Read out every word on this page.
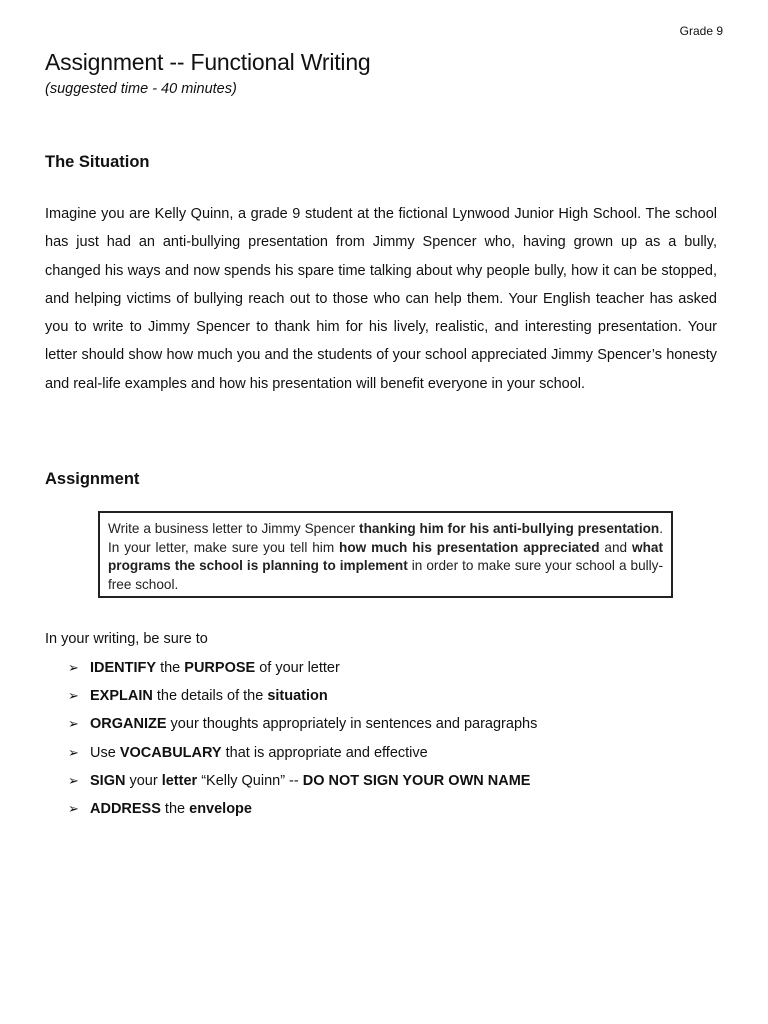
Grade 9
Assignment -- Functional Writing
(suggested time - 40 minutes)
The Situation

Imagine you are Kelly Quinn, a grade 9 student at the fictional Lynwood Junior High School. The school has just had an anti-bullying presentation from Jimmy Spencer who, having grown up as a bully, changed his ways and now spends his spare time talking about why people bully, how it can be stopped, and helping victims of bullying reach out to those who can help them. Your English teacher has asked you to write to Jimmy Spencer to thank him for his lively, realistic, and interesting presentation. Your letter should show how much you and the students of your school appreciated Jimmy Spencer’s honesty and real-life examples and how his presentation will benefit everyone in your school.

Assignment
Write a business letter to Jimmy Spencer thanking him for his anti-bullying presentation. In your letter, make sure you tell him how much his presentation appreciated and what programs the school is planning to implement in order to make sure your school a bully-free school.
In your writing, be sure to
➢ IDENTIFY the PURPOSE of your letter
➢ EXPLAIN the details of the situation
➢ ORGANIZE your thoughts appropriately in sentences and paragraphs
➢ Use VOCABULARY that is appropriate and effective
➢ SIGN your letter “Kelly Quinn” -- DO NOT SIGN YOUR OWN NAME
➢ ADDRESS the envelope
